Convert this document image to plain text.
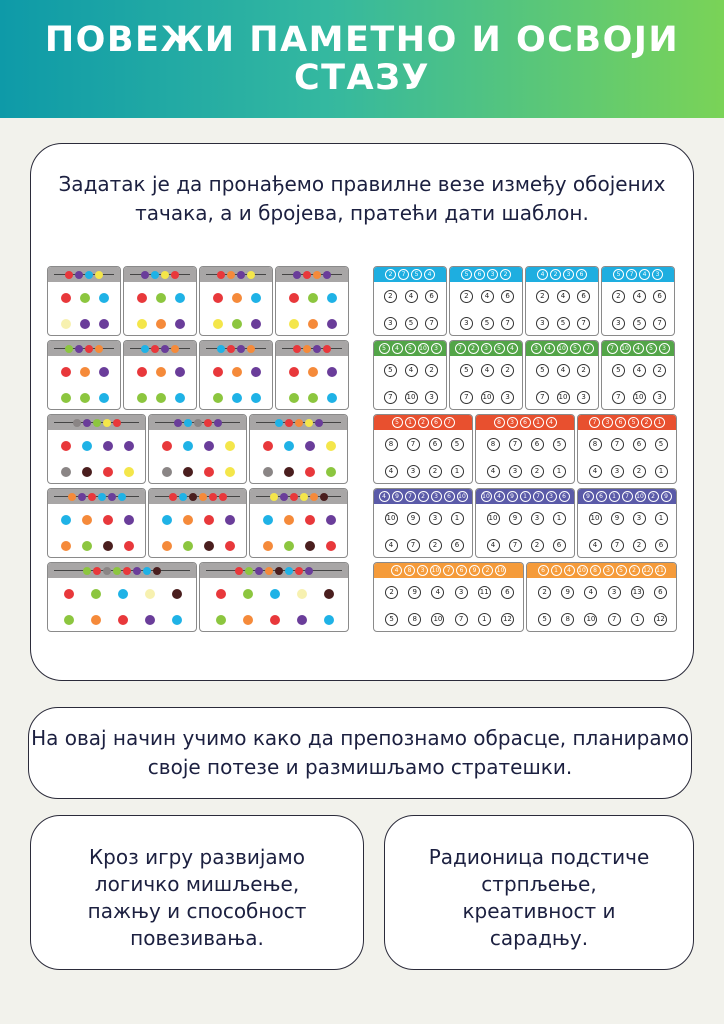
ПОВЕЖИ ПАМЕТНО И ОСВОЈИ СТАЗУ

Задатак је да пронађемо правилне везе између обојених тачака, а и бројева, пратећи дати шаблон.

2	7	5	4
2	4	6
3	5	7
5	6	3	2
2	4	6
3	5	7
4	2	3	6
2	4	6
3	5	7
5	7	4	3
2	4	6
3	5	7
5	4	5	10	3
5	4	2
7	10	3
7	2	3	5	4
5	4	2
7	10	3
3	4	10	5	7
5	4	2
7	10	3
7	10	4	5	3
5	4	2
7	10	3
5	1	2	6	7
8	7	6	5
4	3	2	1
8	3	6	1	4
8	7	6	5
4	3	2	1
7	3	6	5	2	1
8	7	6	5
4	3	2	1
4	9	7	2	3	6	10
10	9	3	1
4	7	2	6
10	4	9	1	7	3	6
10	9	3	1
4	7	2	6
9	6	1	7	10	2	9
10	9	3	1
4	7	2	6
4	8	3	10	7	6	9	2	10
2	9	4	3	11	6
5	8	10	7	1	12
6	1	4	10	8	3	5	2	12 11
2	9	4	3	13	6
5	8	10	7	1	12

На овај начин учимо како да препознамо обрасце, планирамо своје потезе и размишљамо стратешки.

Кроз игру развијамо логичко мишљење, пажњу и способност повезивања.

Радионица подстиче стрпљење, креативност и сарадњу.
